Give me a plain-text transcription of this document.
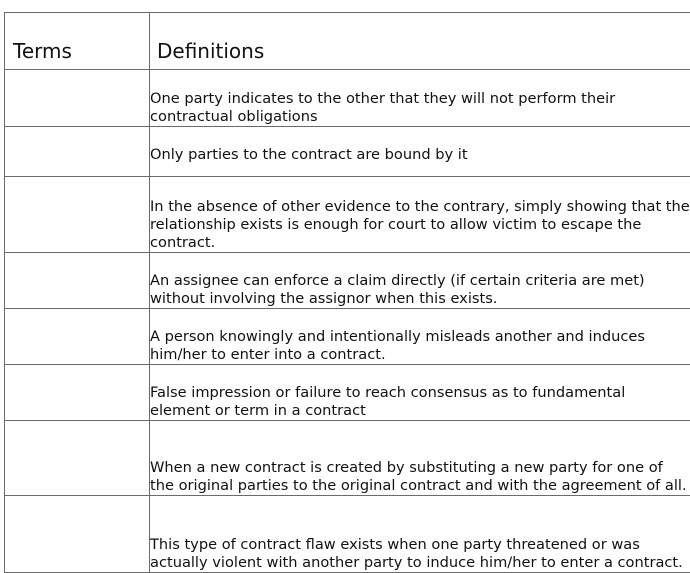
Terms	Definitions
	One party indicates to the other that they will not perform their contractual obligations
	Only parties to the contract are bound by it
	In the absence of other evidence to the contrary, simply showing that the relationship exists is enough for court to allow victim to escape the contract.
	An assignee can enforce a claim directly (if certain criteria are met) without involving the assignor when this exists.
	A person knowingly and intentionally misleads another and induces him/her to enter into a contract.
	False impression or failure to reach consensus as to fundamental element or term in a contract
	When a new contract is created by substituting a new party for one of the original parties to the original contract and with the agreement of all.
	This type of contract flaw exists when one party threatened or was actually violent with another party to induce him/her to enter a contract.
